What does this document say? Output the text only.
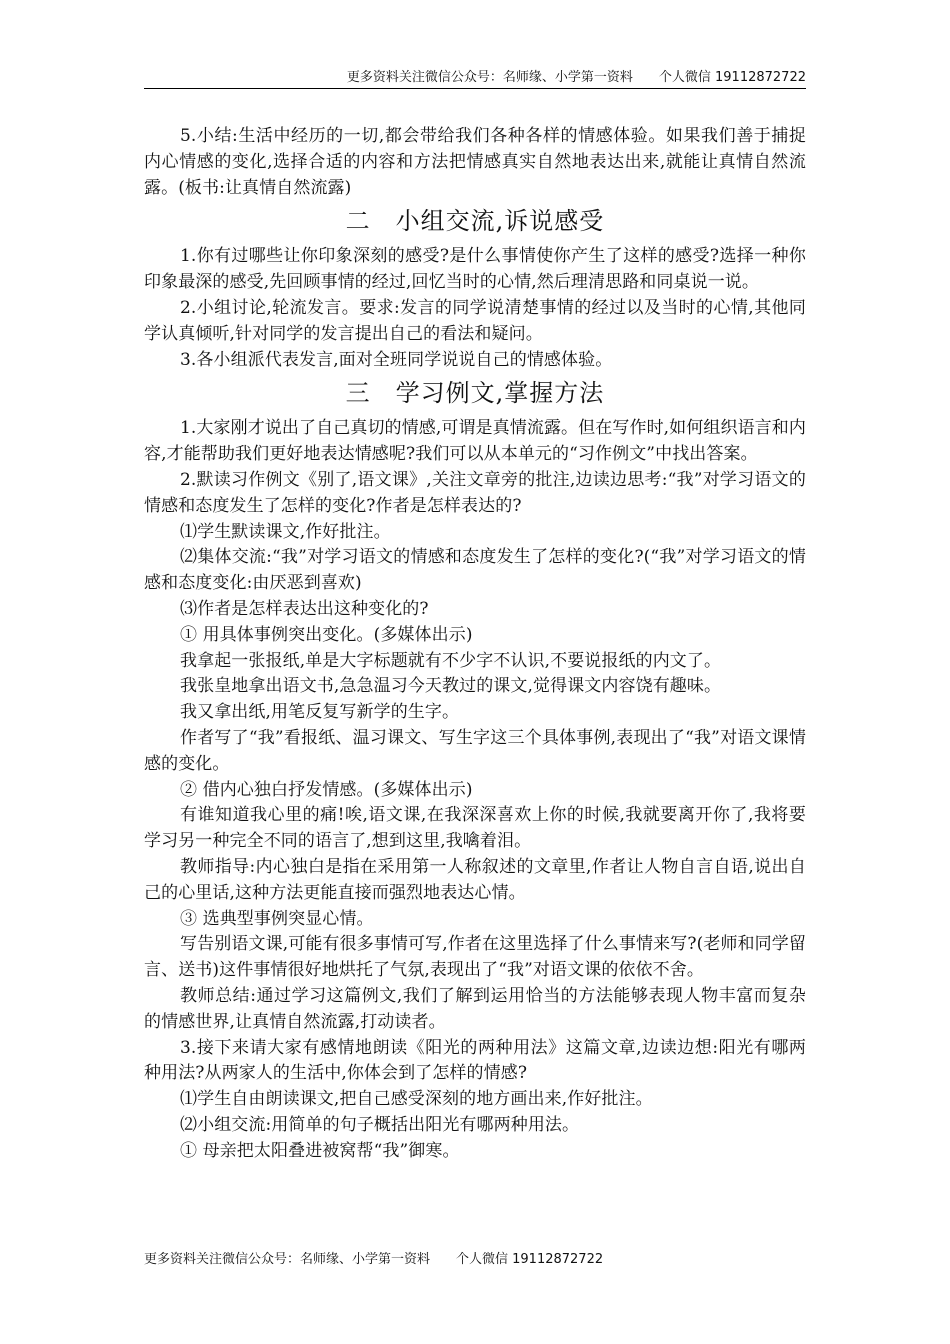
更多资料关注微信公众号：名师缘、小学第一资料　　个人微信 19112872722

5.小结:生活中经历的一切,都会带给我们各种各样的情感体验。如果我们善于捕捉内心情感的变化,选择合适的内容和方法把情感真实自然地表达出来,就能让真情自然流露。(板书:让真情自然流露)

二　小组交流,诉说感受

1.你有过哪些让你印象深刻的感受?是什么事情使你产生了这样的感受?选择一种你印象最深的感受,先回顾事情的经过,回忆当时的心情,然后理清思路和同桌说一说。

2.小组讨论,轮流发言。要求:发言的同学说清楚事情的经过以及当时的心情,其他同学认真倾听,针对同学的发言提出自己的看法和疑问。

3.各小组派代表发言,面对全班同学说说自己的情感体验。

三　学习例文,掌握方法

1.大家刚才说出了自己真切的情感,可谓是真情流露。但在写作时,如何组织语言和内容,才能帮助我们更好地表达情感呢?我们可以从本单元的“习作例文”中找出答案。

2.默读习作例文《别了,语文课》,关注文章旁的批注,边读边思考:“我”对学习语文的情感和态度发生了怎样的变化?作者是怎样表达的?

⑴学生默读课文,作好批注。

⑵集体交流:“我”对学习语文的情感和态度发生了怎样的变化?(“我”对学习语文的情感和态度变化:由厌恶到喜欢)

⑶作者是怎样表达出这种变化的?

① 用具体事例突出变化。(多媒体出示)

我拿起一张报纸,单是大字标题就有不少字不认识,不要说报纸的内文了。

我张皇地拿出语文书,急急温习今天教过的课文,觉得课文内容饶有趣味。

我又拿出纸,用笔反复写新学的生字。

作者写了“我”看报纸、温习课文、写生字这三个具体事例,表现出了“我”对语文课情感的变化。

② 借内心独白抒发情感。(多媒体出示)

有谁知道我心里的痛!唉,语文课,在我深深喜欢上你的时候,我就要离开你了,我将要学习另一种完全不同的语言了,想到这里,我噙着泪。

教师指导:内心独白是指在采用第一人称叙述的文章里,作者让人物自言自语,说出自己的心里话,这种方法更能直接而强烈地表达心情。

③ 选典型事例突显心情。

写告别语文课,可能有很多事情可写,作者在这里选择了什么事情来写?(老师和同学留言、送书)这件事情很好地烘托了气氛,表现出了“我”对语文课的依依不舍。

教师总结:通过学习这篇例文,我们了解到运用恰当的方法能够表现人物丰富而复杂的情感世界,让真情自然流露,打动读者。

3.接下来请大家有感情地朗读《阳光的两种用法》这篇文章,边读边想:阳光有哪两种用法?从两家人的生活中,你体会到了怎样的情感?

⑴学生自由朗读课文,把自己感受深刻的地方画出来,作好批注。

⑵小组交流:用简单的句子概括出阳光有哪两种用法。

① 母亲把太阳叠进被窝帮“我”御寒。

更多资料关注微信公众号：名师缘、小学第一资料　　个人微信 19112872722
